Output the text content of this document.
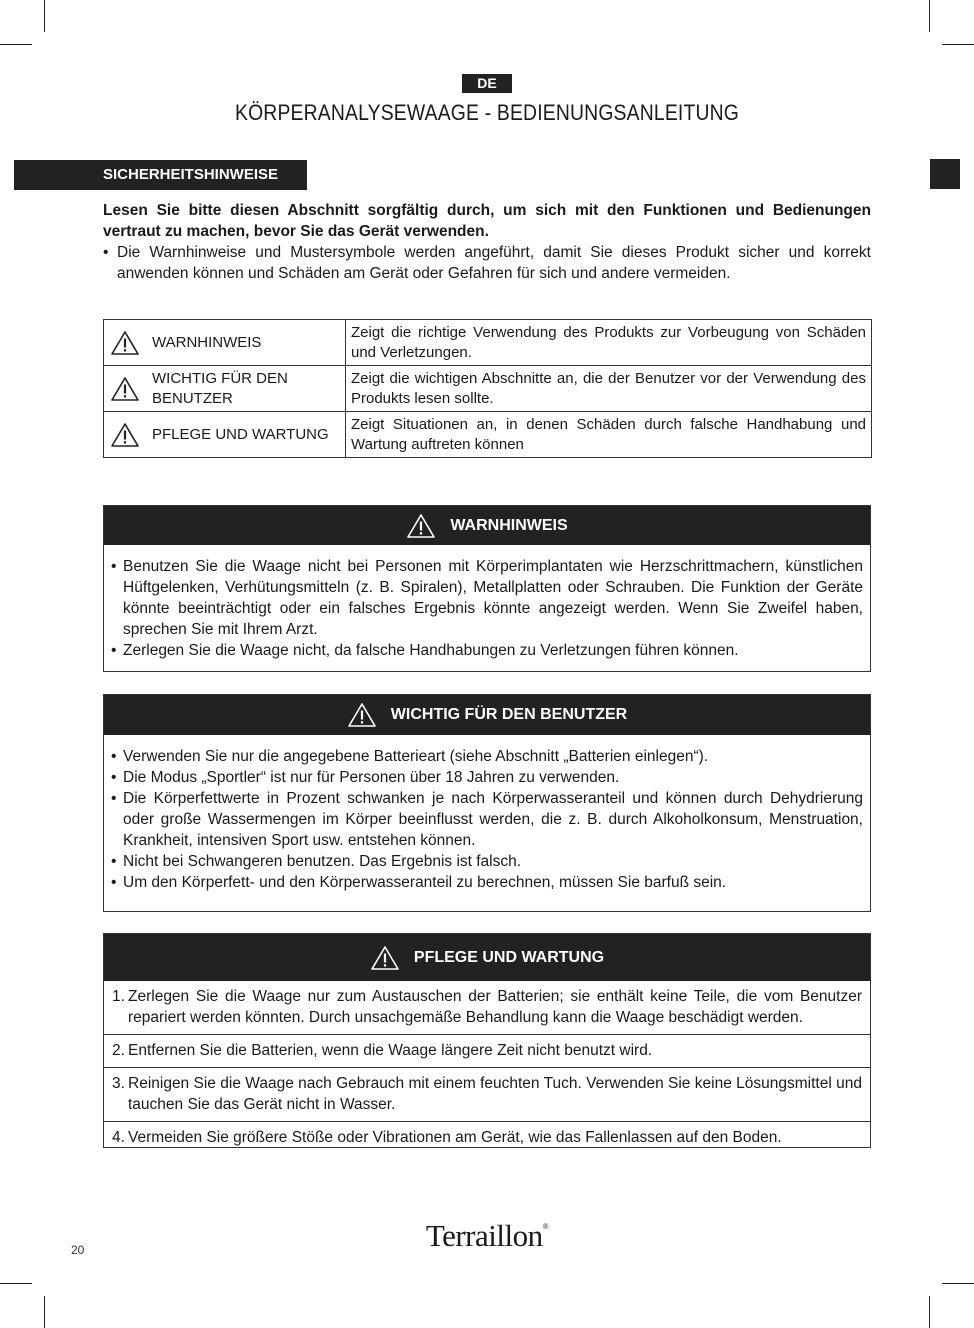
DE
KÖRPERANALYSEWAAGE - BEDIENUNGSANLEITUNG
SICHERHEITSHINWEISE
Lesen Sie bitte diesen Abschnitt sorgfältig durch, um sich mit den Funktionen und Bedienungen vertraut zu machen, bevor Sie das Gerät verwenden.
• Die Warnhinweise und Mustersymbole werden angeführt, damit Sie dieses Produkt sicher und korrekt anwenden können und Schäden am Gerät oder Gefahren für sich und andere vermeiden.
WARNHINWEIS	Zeigt die richtige Verwendung des Produkts zur Vorbeugung von Schäden und Verletzungen.

WICHTIG FÜR DEN BENUTZER	Zeigt die wichtigen Abschnitte an, die der Benutzer vor der Verwendung des Produkts lesen sollte.

PFLEGE UND WARTUNG	Zeigt Situationen an, in denen Schäden durch falsche Handhabung und Wartung auftreten können
WARNHINWEIS
• Benutzen Sie die Waage nicht bei Personen mit Körperimplantaten wie Herzschrittmachern, künstlichen Hüftgelenken, Verhütungsmitteln (z. B. Spiralen), Metallplatten oder Schrauben. Die Funktion der Geräte könnte beeinträchtigt oder ein falsches Ergebnis könnte angezeigt werden. Wenn Sie Zweifel haben, sprechen Sie mit Ihrem Arzt.
• Zerlegen Sie die Waage nicht, da falsche Handhabungen zu Verletzungen führen können.
WICHTIG FÜR DEN BENUTZER
• Verwenden Sie nur die angegebene Batterieart (siehe Abschnitt „Batterien einlegen“).
• Die Modus „Sportler“ ist nur für Personen über 18 Jahren zu verwenden.
• Die Körperfettwerte in Prozent schwanken je nach Körperwasseranteil und können durch Dehydrierung oder große Wassermengen im Körper beeinflusst werden, die z. B. durch Alkoholkonsum, Menstruation, Krankheit, intensiven Sport usw. entstehen können.
• Nicht bei Schwangeren benutzen. Das Ergebnis ist falsch.
• Um den Körperfett- und den Körperwasseranteil zu berechnen, müssen Sie barfuß sein.
PFLEGE UND WARTUNG
1. Zerlegen Sie die Waage nur zum Austauschen der Batterien; sie enthält keine Teile, die vom Benutzer repariert werden könnten. Durch unsachgemäße Behandlung kann die Waage beschädigt werden.
2. Entfernen Sie die Batterien, wenn die Waage längere Zeit nicht benutzt wird.
3. Reinigen Sie die Waage nach Gebrauch mit einem feuchten Tuch. Verwenden Sie keine Lösungsmittel und tauchen Sie das Gerät nicht in Wasser.
4. Vermeiden Sie größere Stöße oder Vibrationen am Gerät, wie das Fallenlassen auf den Boden.
Terraillon®
20
